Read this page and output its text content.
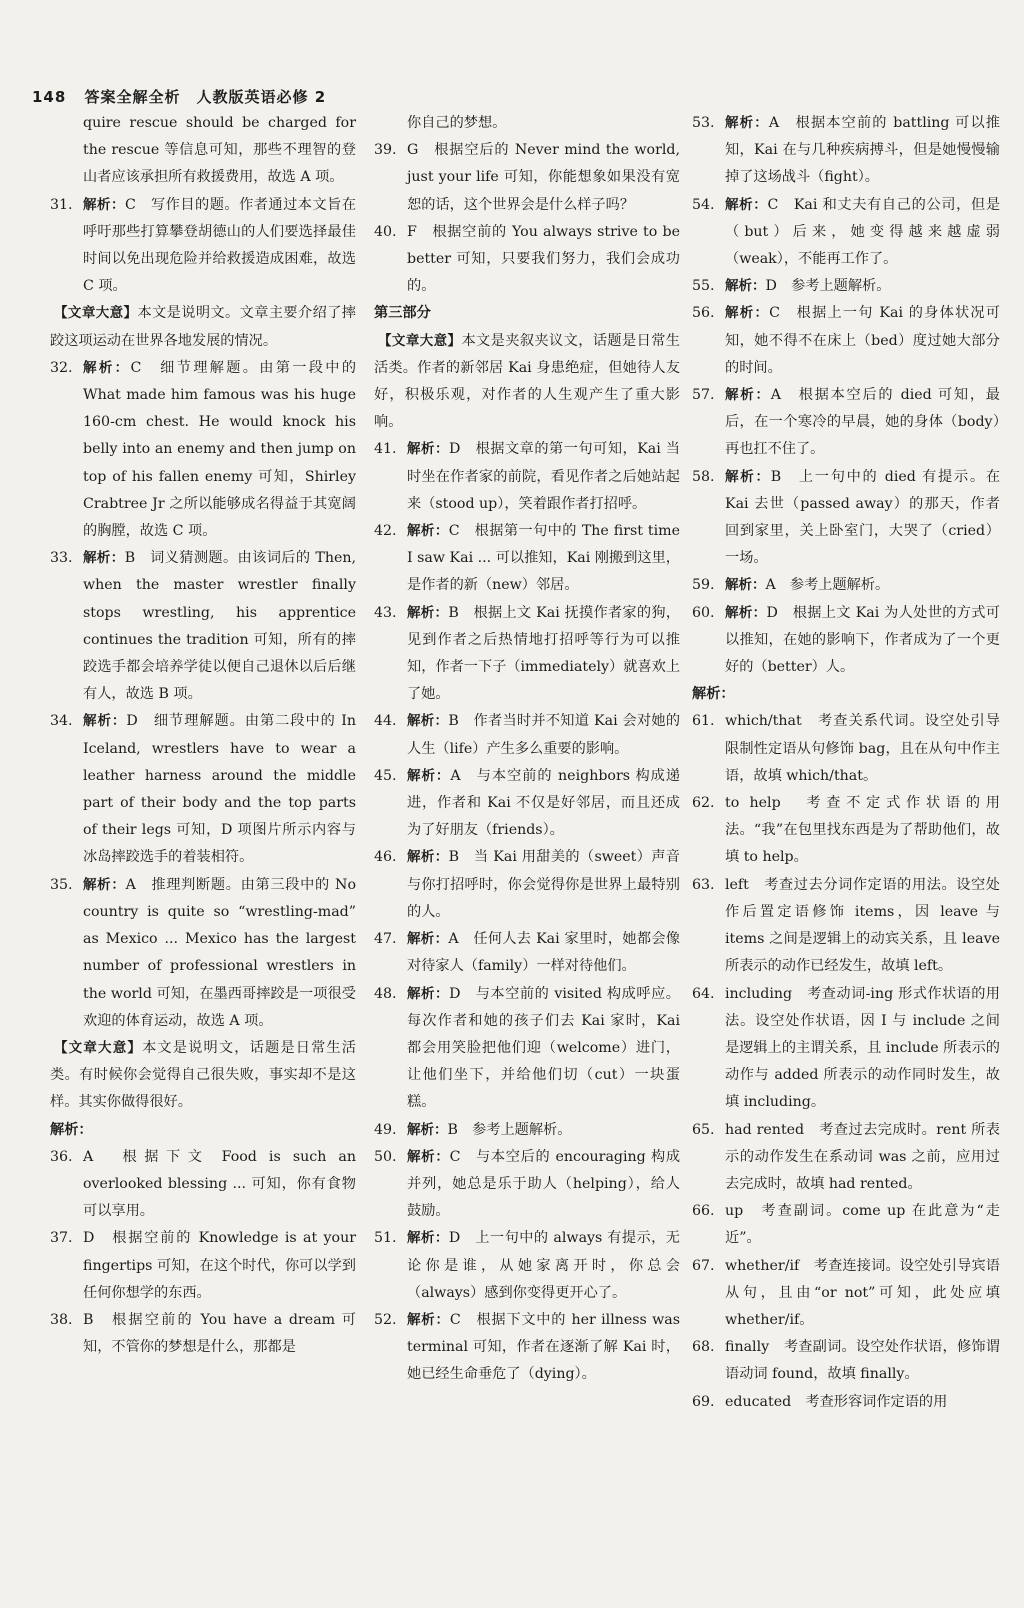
148 答案全解全析　人教版英语必修 2

quire rescue should be charged for the rescue 等信息可知，那些不理智的登山者应该承担所有救援费用，故选 A 项。

31. 解析：C　写作目的题。作者通过本文旨在呼吁那些打算攀登胡德山的人们要选择最佳时间以免出现危险并给救援造成困难，故选 C 项。

【文章大意】本文是说明文。文章主要介绍了摔跤这项运动在世界各地发展的情况。

32. 解析：C　细节理解题。由第一段中的 What made him famous was his huge 160-cm chest. He would knock his belly into an enemy and then jump on top of his fallen enemy 可知，Shirley Crabtree Jr 之所以能够成名得益于其宽阔的胸膛，故选 C 项。
33. 解析：B　词义猜测题。由该词后的 Then, when the master wrestler finally stops wrestling, his apprentice continues the tradition 可知，所有的摔跤选手都会培养学徒以便自己退休以后后继有人，故选 B 项。
34. 解析：D　细节理解题。由第二段中的 In Iceland, wrestlers have to wear a leather harness around the middle part of their body and the top parts of their legs 可知，D 项图片所示内容与冰岛摔跤选手的着装相符。
35. 解析：A　推理判断题。由第三段中的 No country is quite so “wrestling-mad” as Mexico ... Mexico has the largest number of professional wrestlers in the world 可知，在墨西哥摔跤是一项很受欢迎的体育运动，故选 A 项。

【文章大意】本文是说明文，话题是日常生活类。有时候你会觉得自己很失败，事实却不是这样。其实你做得很好。

解析：

36. A　根据下文 Food is such an overlooked blessing ... 可知，你有食物可以享用。
37. D　根据空前的 Knowledge is at your fingertips 可知，在这个时代，你可以学到任何你想学的东西。
38. B　根据空前的 You have a dream 可知，不管你的梦想是什么，那都是

你自己的梦想。

39. G　根据空后的 Never mind the world, just your life 可知，你能想象如果没有宽恕的话，这个世界会是什么样子吗？
40. F　根据空前的 You always strive to be better 可知，只要我们努力，我们会成功的。

第三部分

【文章大意】本文是夹叙夹议文，话题是日常生活类。作者的新邻居 Kai 身患绝症，但她待人友好，积极乐观，对作者的人生观产生了重大影响。

41. 解析：D　根据文章的第一句可知，Kai 当时坐在作者家的前院，看见作者之后她站起来（stood up），笑着跟作者打招呼。
42. 解析：C　根据第一句中的 The first time I saw Kai ... 可以推知，Kai 刚搬到这里，是作者的新（new）邻居。
43. 解析：B　根据上文 Kai 抚摸作者家的狗，见到作者之后热情地打招呼等行为可以推知，作者一下子（immediately）就喜欢上了她。
44. 解析：B　作者当时并不知道 Kai 会对她的人生（life）产生多么重要的影响。
45. 解析：A　与本空前的 neighbors 构成递进，作者和 Kai 不仅是好邻居，而且还成为了好朋友（friends）。
46. 解析：B　当 Kai 用甜美的（sweet）声音与你打招呼时，你会觉得你是世界上最特别的人。
47. 解析：A　任何人去 Kai 家里时，她都会像对待家人（family）一样对待他们。
48. 解析：D　与本空前的 visited 构成呼应。每次作者和她的孩子们去 Kai 家时，Kai 都会用笑脸把他们迎（welcome）进门，让他们坐下，并给他们切（cut）一块蛋糕。
49. 解析：B　参考上题解析。
50. 解析：C　与本空后的 encouraging 构成并列，她总是乐于助人（helping），给人鼓励。
51. 解析：D　上一句中的 always 有提示，无论你是谁，从她家离开时，你总会（always）感到你变得更开心了。
52. 解析：C　根据下文中的 her illness was terminal 可知，作者在逐渐了解 Kai 时，她已经生命垂危了（dying）。
53. 解析：A　根据本空前的 battling 可以推知，Kai 在与几种疾病搏斗，但是她慢慢输掉了这场战斗（fight）。
54. 解析：C　Kai 和丈夫有自己的公司，但是（but）后来，她变得越来越虚弱（weak），不能再工作了。
55. 解析：D　参考上题解析。
56. 解析：C　根据上一句 Kai 的身体状况可知，她不得不在床上（bed）度过她大部分的时间。
57. 解析：A　根据本空后的 died 可知，最后，在一个寒冷的早晨，她的身体（body）再也扛不住了。
58. 解析：B　上一句中的 died 有提示。在 Kai 去世（passed away）的那天，作者回到家里，关上卧室门，大哭了（cried）一场。
59. 解析：A　参考上题解析。
60. 解析：D　根据上文 Kai 为人处世的方式可以推知，在她的影响下，作者成为了一个更好的（better）人。

解析：

61. which/that　考查关系代词。设空处引导限制性定语从句修饰 bag，且在从句中作主语，故填 which/that。
62. to help　考查不定式作状语的用法。“我”在包里找东西是为了帮助他们，故填 to help。
63. left　考查过去分词作定语的用法。设空处作后置定语修饰 items，因 leave 与 items 之间是逻辑上的动宾关系，且 leave 所表示的动作已经发生，故填 left。
64. including　考查动词-ing 形式作状语的用法。设空处作状语，因 I 与 include 之间是逻辑上的主谓关系，且 include 所表示的动作与 added 所表示的动作同时发生，故填 including。
65. had rented　考查过去完成时。rent 所表示的动作发生在系动词 was 之前，应用过去完成时，故填 had rented。
66. up　考查副词。come up 在此意为“走近”。
67. whether/if　考查连接词。设空处引导宾语从句，且由“or not”可知，此处应填 whether/if。
68. finally　考查副词。设空处作状语，修饰谓语动词 found，故填 finally。
69. educated　考查形容词作定语的用
